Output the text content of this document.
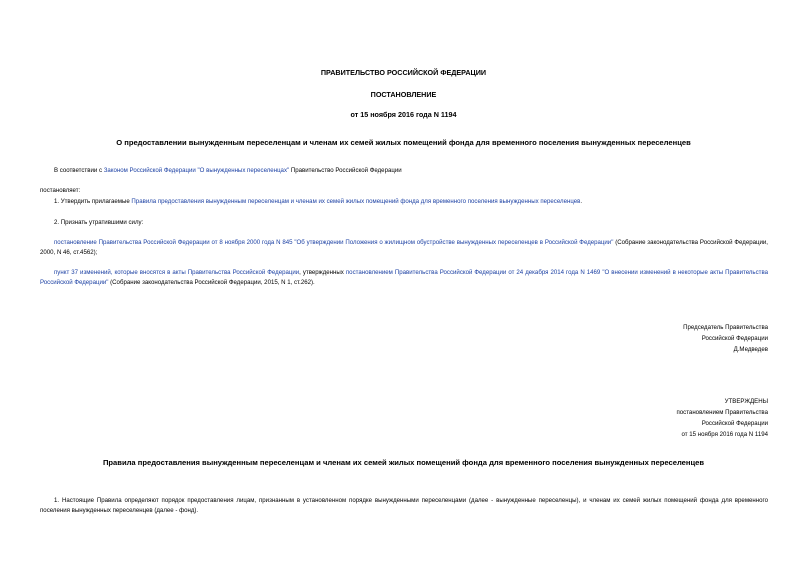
ПРАВИТЕЛЬСТВО РОССИЙСКОЙ ФЕДЕРАЦИИ
ПОСТАНОВЛЕНИЕ
от 15 ноября 2016 года N 1194
О предоставлении вынужденным переселенцам и членам их семей жилых помещений фонда для временного поселения вынужденных переселенцев
В соответствии с Законом Российской Федерации "О вынужденных переселенцах" Правительство Российской Федерации
постановляет:
1. Утвердить прилагаемые Правила предоставления вынужденным переселенцам и членам их семей жилых помещений фонда для временного поселения вынужденных переселенцев.
2. Признать утратившими силу:
постановление Правительства Российской Федерации от 8 ноября 2000 года N 845 "Об утверждении Положения о жилищном обустройстве вынужденных переселенцев в Российской Федерации" (Собрание законодательства Российской Федерации, 2000, N 46, ст.4562);
пункт 37 изменений, которые вносятся в акты Правительства Российской Федерации, утвержденных постановлением Правительства Российской Федерации от 24 декабря 2014 года N 1469 "О внесении изменений в некоторые акты Правительства Российской Федерации" (Собрание законодательства Российской Федерации, 2015, N 1, ст.262).
Председатель Правительства
Российской Федерации
Д.Медведев
УТВЕРЖДЕНЫ
постановлением Правительства
Российской Федерации
от 15 ноября 2016 года N 1194
Правила предоставления вынужденным переселенцам и членам их семей жилых помещений фонда для временного поселения вынужденных переселенцев
1. Настоящие Правила определяют порядок предоставления лицам, признанным в установленном порядке вынужденными переселенцами (далее - вынужденные переселенцы), и членам их семей жилых помещений фонда для временного поселения вынужденных переселенцев (далее - фонд).
